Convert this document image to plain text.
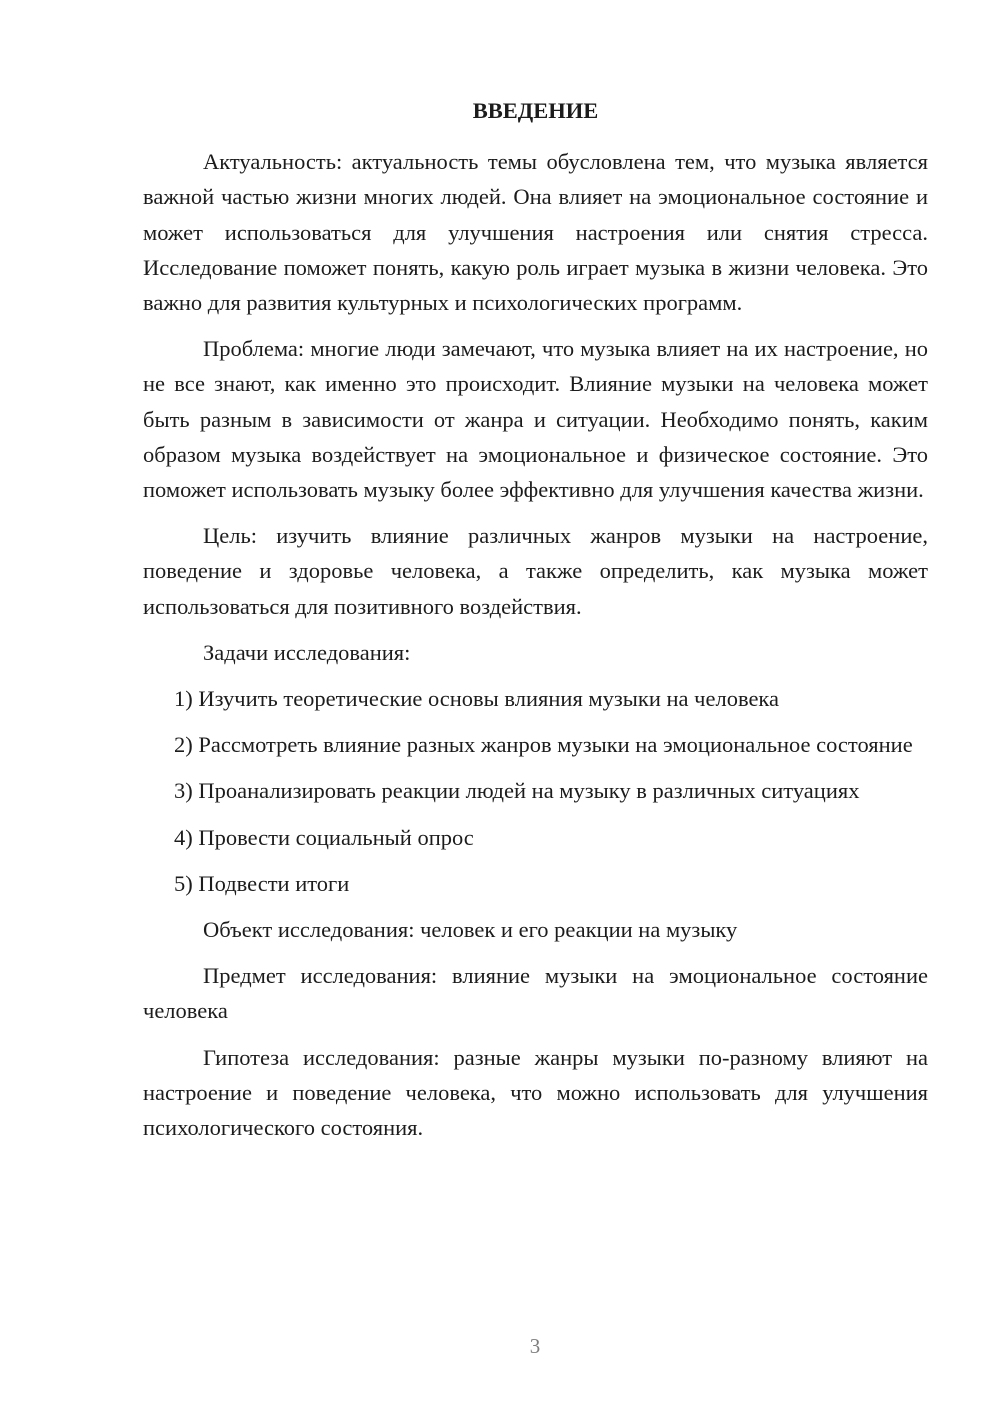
ВВЕДЕНИЕ

Актуальность: актуальность темы обусловлена тем, что музыка является важной частью жизни многих людей. Она влияет на эмоциональное состояние и может использоваться для улучшения настроения или снятия стресса. Исследование поможет понять, какую роль играет музыка в жизни человека. Это важно для развития культурных и психологических программ.

Проблема: многие люди замечают, что музыка влияет на их настроение, но не все знают, как именно это происходит. Влияние музыки на человека может быть разным в зависимости от жанра и ситуации. Необходимо понять, каким образом музыка воздействует на эмоциональное и физическое состояние. Это поможет использовать музыку более эффективно для улучшения качества жизни.

Цель: изучить влияние различных жанров музыки на настроение, поведение и здоровье человека, а также определить, как музыка может использоваться для позитивного воздействия.

Задачи исследования:

1) Изучить теоретические основы влияния музыки на человека

2) Рассмотреть влияние разных жанров музыки на эмоциональное состояние

3) Проанализировать реакции людей на музыку в различных ситуациях

4) Провести социальный опрос

5) Подвести итоги

Объект исследования: человек и его реакции на музыку

Предмет исследования: влияние музыки на эмоциональное состояние человека

Гипотеза исследования: разные жанры музыки по-разному влияют на настроение и поведение человека, что можно использовать для улучшения психологического состояния.

3
